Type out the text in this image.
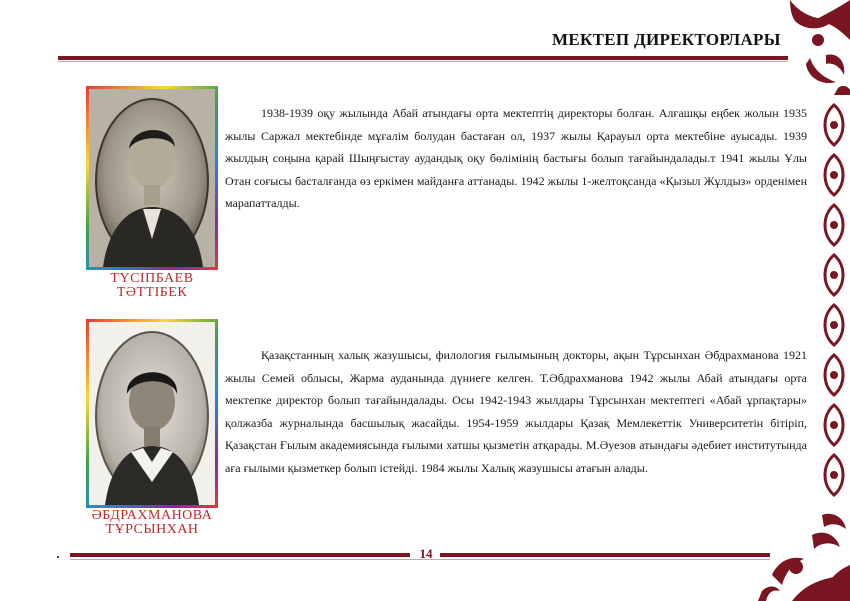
МЕКТЕП ДИРЕКТОРЛАРЫ
ТҮСІПБАЕВ
ТӘТТІБЕК
1938-1939 оқу жылында Абай атындағы орта мектептің директоры болған. Алғашқы еңбек жолын 1935 жылы Саржал мектебінде мұғалім болудан бастаған ол, 1937 жылы Қарауыл орта мектебіне ауысады. 1939 жылдың соңына қарай Шыңғыстау аудандық оқу бөлімінің бастығы болып тағайындалады.т 1941 жылы Ұлы Отан соғысы басталғанда өз еркімен майданға аттанады. 1942 жылы 1-желтоқсанда «Қызыл Жұлдыз» орденімен марапатталды.
ӘБДРАХМАНОВА
ТҰРСЫНХАН
Қазақстанның халық жазушысы, филология ғылымының докторы, ақын Тұрсынхан Әбдрахманова 1921 жылы Семей облысы, Жарма ауданында дүниеге келген. Т.Әбдрахманова 1942 жылы Абай атындағы орта мектепке директор болып тағайындалады. Осы 1942-1943 жылдары Тұрсынхан мектептегі «Абай ұрпақтары» қолжазба журналында басшылық жасайды. 1954-1959 жылдары Қазақ Мемлекеттік Университетін бітіріп, Қазақстан Ғылым академиясында ғылыми хатшы қызметін атқарады. М.Әуезов атындағы әдебиет институтында аға ғылыми қызметкер болып істейді. 1984 жылы Халық жазушысы атағын алады.
14
